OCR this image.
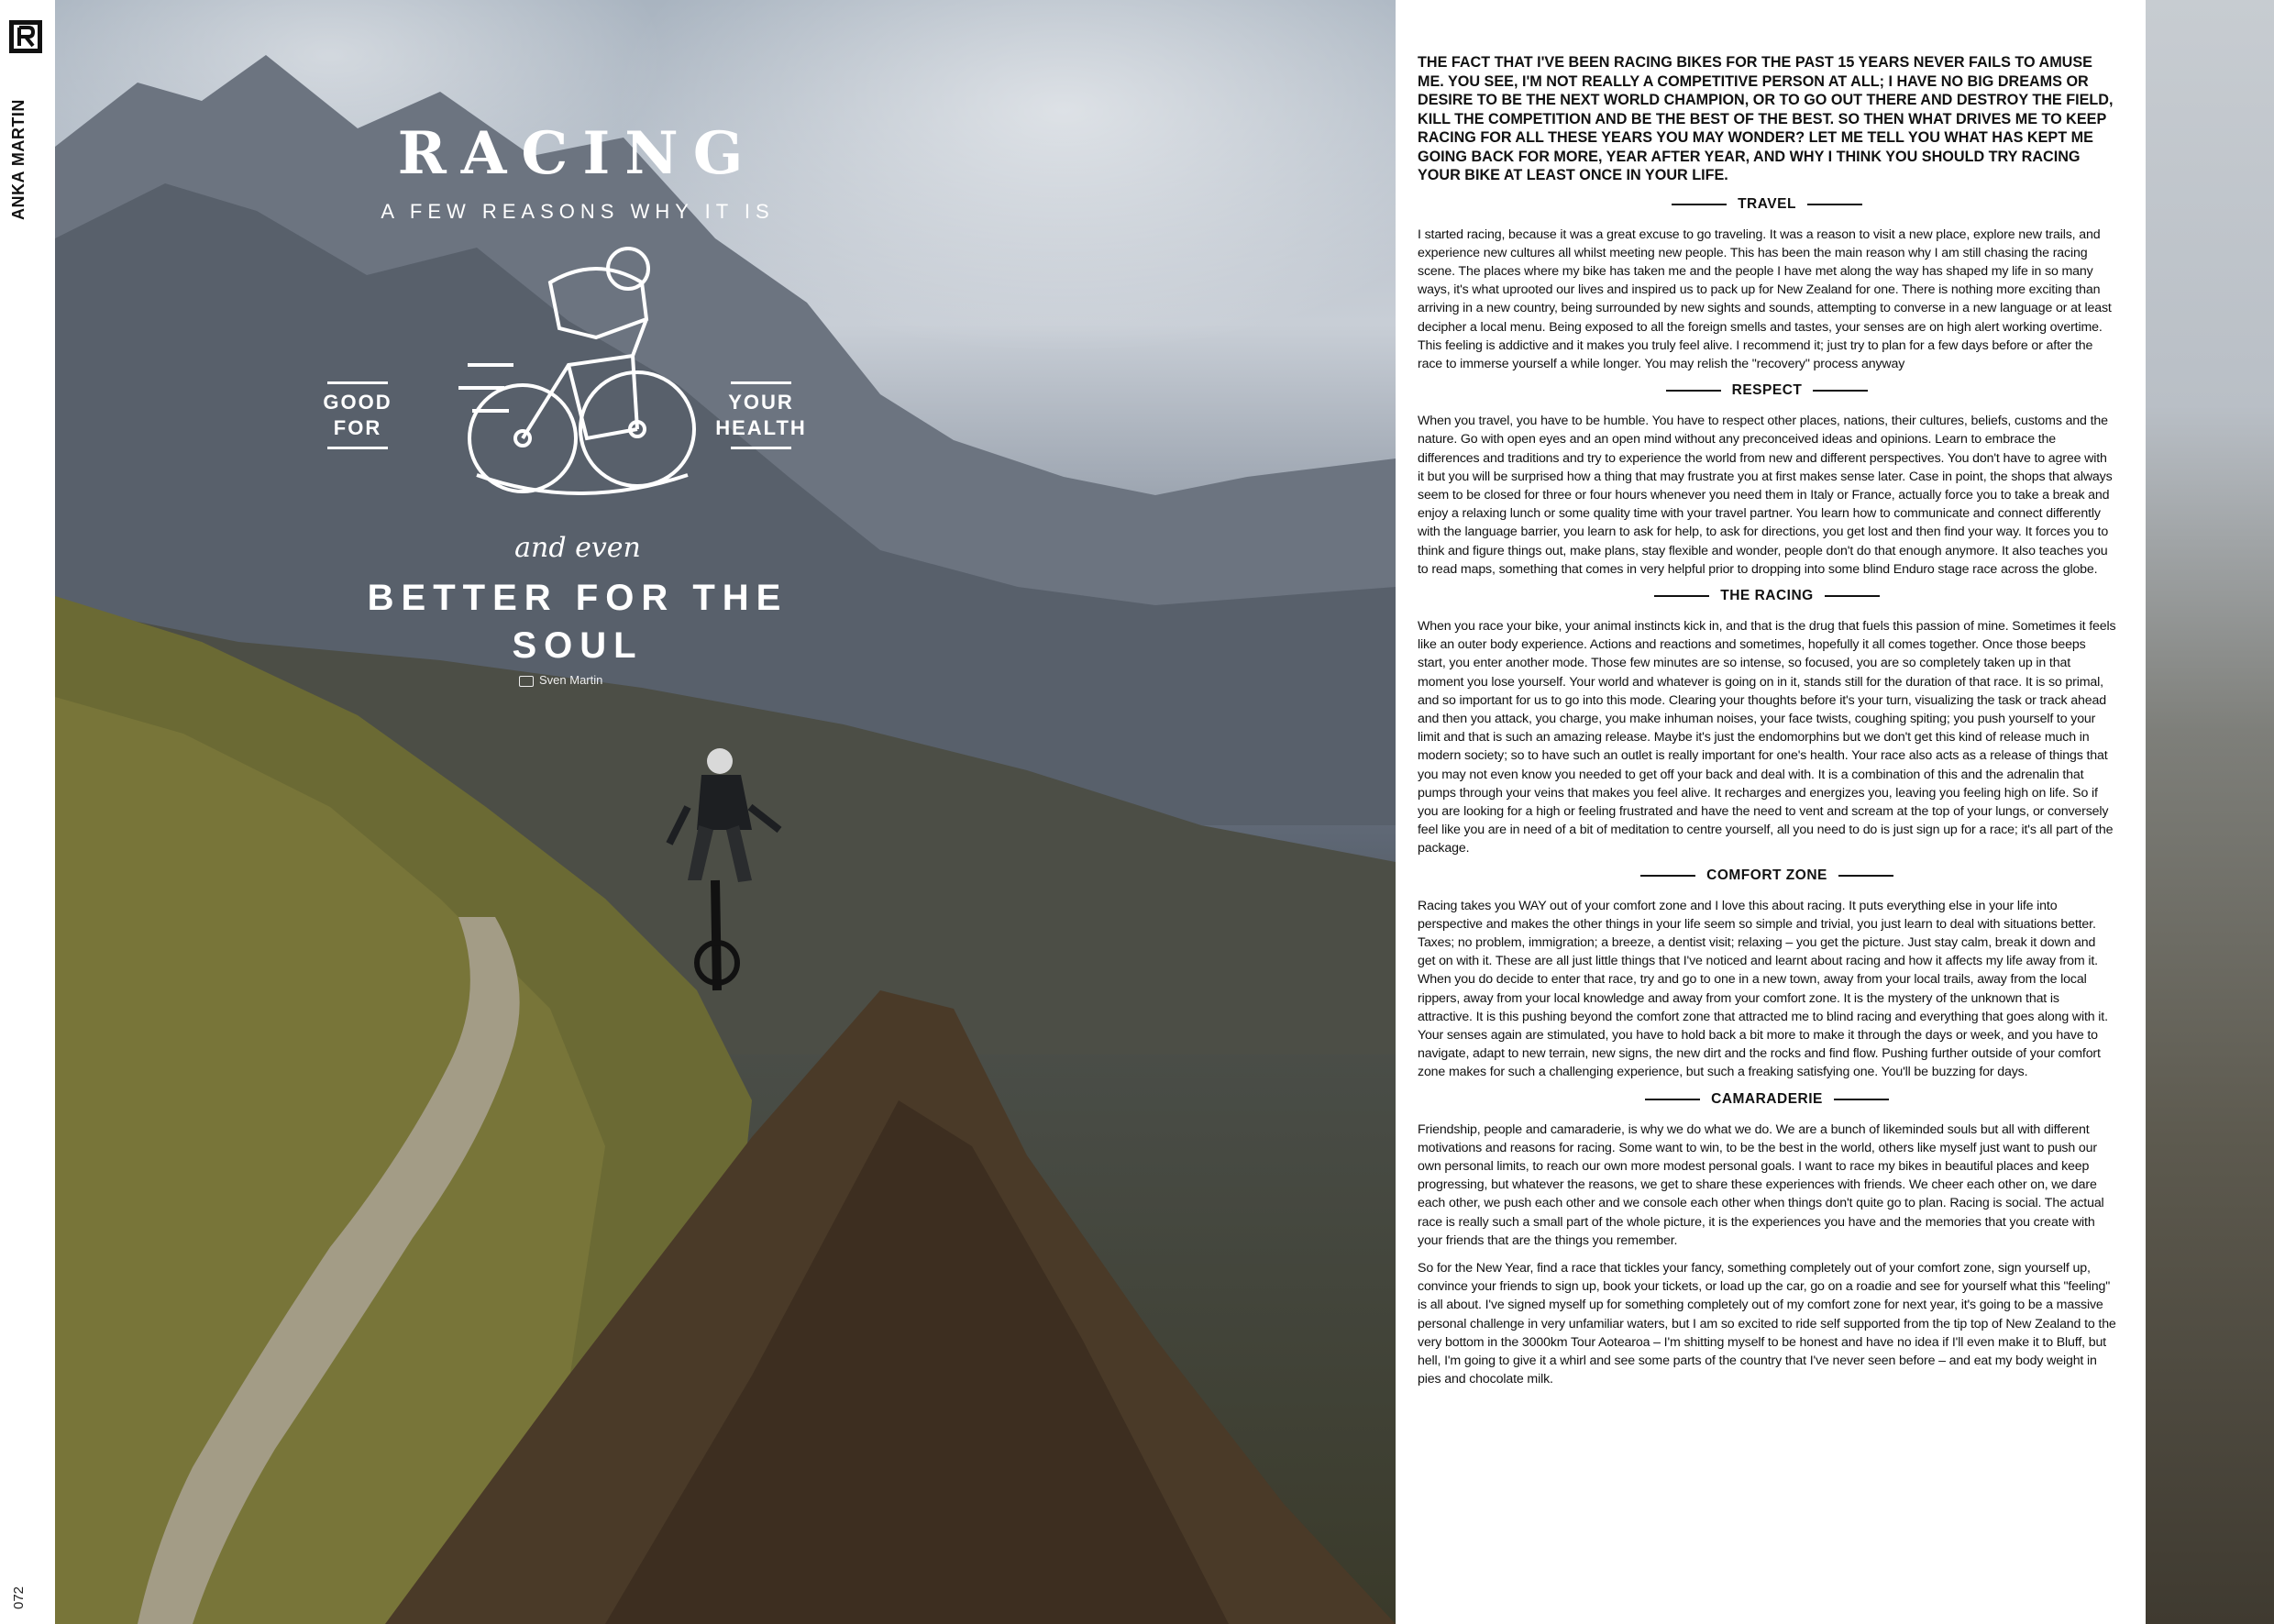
ANKA MARTIN
072
RACING
A FEW REASONS WHY IT IS
GOOD FOR
YOUR HEALTH
and even
BETTER FOR THE SOUL
Sven Martin

THE FACT THAT I'VE BEEN RACING BIKES FOR THE PAST 15 YEARS NEVER FAILS TO AMUSE ME. YOU SEE, I'M NOT REALLY A COMPETITIVE PERSON AT ALL; I HAVE NO BIG DREAMS OR DESIRE TO BE THE NEXT WORLD CHAMPION, OR TO GO OUT THERE AND DESTROY THE FIELD, KILL THE COMPETITION AND BE THE BEST OF THE BEST. SO THEN WHAT DRIVES ME TO KEEP RACING FOR ALL THESE YEARS YOU MAY WONDER? LET ME TELL YOU WHAT HAS KEPT ME GOING BACK FOR MORE, YEAR AFTER YEAR, AND WHY I THINK YOU SHOULD TRY RACING YOUR BIKE AT LEAST ONCE IN YOUR LIFE.

TRAVEL

I started racing, because it was a great excuse to go traveling. It was a reason to visit a new place, explore new trails, and experience new cultures all whilst meeting new people. This has been the main reason why I am still chasing the racing scene. The places where my bike has taken me and the people I have met along the way has shaped my life in so many ways, it's what uprooted our lives and inspired us to pack up for New Zealand for one. There is nothing more exciting than arriving in a new country, being surrounded by new sights and sounds, attempting to converse in a new language or at least decipher a local menu. Being exposed to all the foreign smells and tastes, your senses are on high alert working overtime. This feeling is addictive and it makes you truly feel alive. I recommend it; just try to plan for a few days before or after the race to immerse yourself a while longer. You may relish the "recovery" process anyway

RESPECT

When you travel, you have to be humble. You have to respect other places, nations, their cultures, beliefs, customs and the nature. Go with open eyes and an open mind without any preconceived ideas and opinions. Learn to embrace the differences and traditions and try to experience the world from new and different perspectives. You don't have to agree with it but you will be surprised how a thing that may frustrate you at first makes sense later. Case in point, the shops that always seem to be closed for three or four hours whenever you need them in Italy or France, actually force you to take a break and enjoy a relaxing lunch or some quality time with your travel partner. You learn how to communicate and connect differently with the language barrier, you learn to ask for help, to ask for directions, you get lost and then find your way. It forces you to think and figure things out, make plans, stay flexible and wonder, people don't do that enough anymore. It also teaches you to read maps, something that comes in very helpful prior to dropping into some blind Enduro stage race across the globe.

THE RACING

When you race your bike, your animal instincts kick in, and that is the drug that fuels this passion of mine. Sometimes it feels like an outer body experience. Actions and reactions and sometimes, hopefully it all comes together. Once those beeps start, you enter another mode. Those few minutes are so intense, so focused, you are so completely taken up in that moment you lose yourself. Your world and whatever is going on in it, stands still for the duration of that race. It is so primal, and so important for us to go into this mode. Clearing your thoughts before it's your turn, visualizing the task or track ahead and then you attack, you charge, you make inhuman noises, your face twists, coughing spiting; you push yourself to your limit and that is such an amazing release. Maybe it's just the endomorphins but we don't get this kind of release much in modern society; so to have such an outlet is really important for one's health. Your race also acts as a release of things that you may not even know you needed to get off your back and deal with. It is a combination of this and the adrenalin that pumps through your veins that makes you feel alive. It recharges and energizes you, leaving you feeling high on life. So if you are looking for a high or feeling frustrated and have the need to vent and scream at the top of your lungs, or conversely feel like you are in need of a bit of meditation to centre yourself, all you need to do is just sign up for a race; it's all part of the package.

COMFORT ZONE

Racing takes you WAY out of your comfort zone and I love this about racing. It puts everything else in your life into perspective and makes the other things in your life seem so simple and trivial, you just learn to deal with situations better. Taxes; no problem, immigration; a breeze, a dentist visit; relaxing – you get the picture. Just stay calm, break it down and get on with it. These are all just little things that I've noticed and learnt about racing and how it affects my life away from it. When you do decide to enter that race, try and go to one in a new town, away from your local trails, away from the local rippers, away from your local knowledge and away from your comfort zone. It is the mystery of the unknown that is attractive. It is this pushing beyond the comfort zone that attracted me to blind racing and everything that goes along with it. Your senses again are stimulated, you have to hold back a bit more to make it through the days or week, and you have to navigate, adapt to new terrain, new signs, the new dirt and the rocks and find flow. Pushing further outside of your comfort zone makes for such a challenging experience, but such a freaking satisfying one. You'll be buzzing for days.

CAMARADERIE

Friendship, people and camaraderie, is why we do what we do. We are a bunch of likeminded souls but all with different motivations and reasons for racing. Some want to win, to be the best in the world, others like myself just want to push our own personal limits, to reach our own more modest personal goals. I want to race my bikes in beautiful places and keep progressing, but whatever the reasons, we get to share these experiences with friends. We cheer each other on, we dare each other, we push each other and we console each other when things don't quite go to plan. Racing is social. The actual race is really such a small part of the whole picture, it is the experiences you have and the memories that you create with your friends that are the things you remember.

So for the New Year, find a race that tickles your fancy, something completely out of your comfort zone, sign yourself up, convince your friends to sign up, book your tickets, or load up the car, go on a roadie and see for yourself what this "feeling" is all about. I've signed myself up for something completely out of my comfort zone for next year, it's going to be a massive personal challenge in very unfamiliar waters, but I am so excited to ride self supported from the tip top of New Zealand to the very bottom in the 3000km Tour Aotearoa – I'm shitting myself to be honest and have no idea if I'll even make it to Bluff, but hell, I'm going to give it a whirl and see some parts of the country that I've never seen before – and eat my body weight in pies and chocolate milk.
